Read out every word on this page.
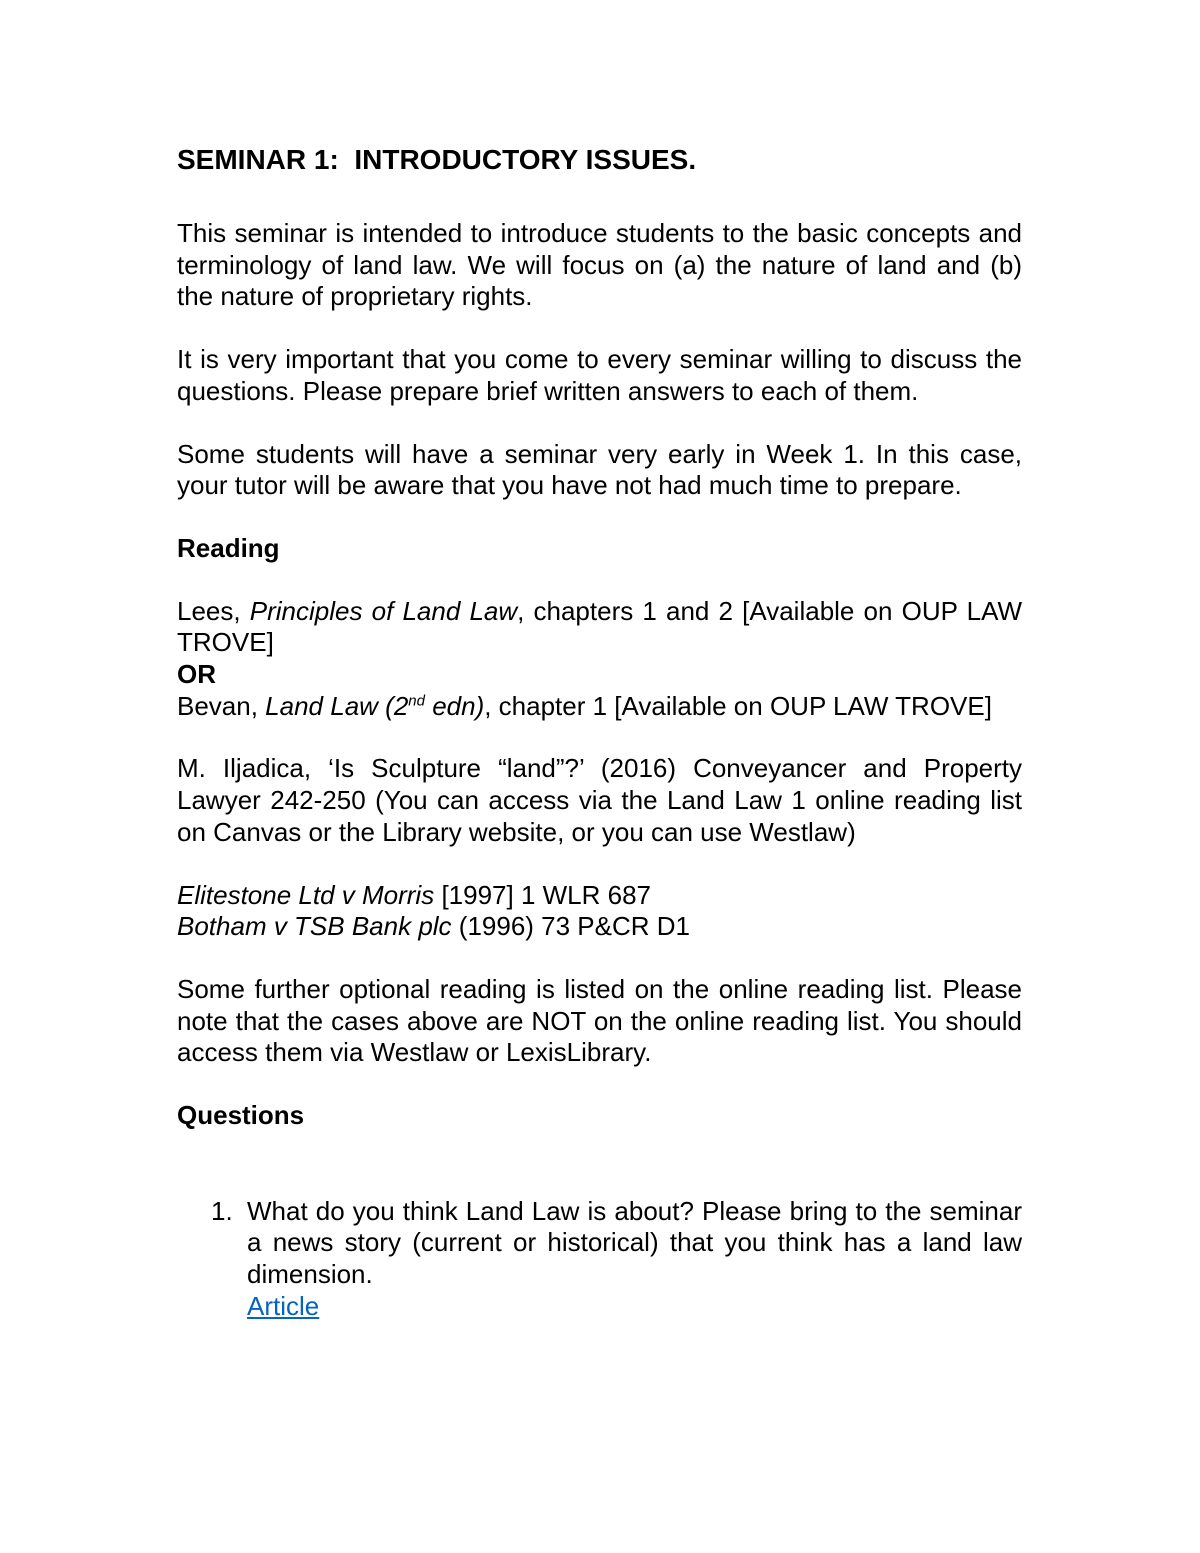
SEMINAR 1:  INTRODUCTORY ISSUES.

This seminar is intended to introduce students to the basic concepts and terminology of land law. We will focus on (a) the nature of land and (b) the nature of proprietary rights.

It is very important that you come to every seminar willing to discuss the questions. Please prepare brief written answers to each of them.

Some students will have a seminar very early in Week 1. In this case, your tutor will be aware that you have not had much time to prepare.

Reading

Lees, Principles of Land Law, chapters 1 and 2 [Available on OUP LAW TROVE]

OR

Bevan, Land Law (2nd edn), chapter 1 [Available on OUP LAW TROVE]

M. Iljadica, ‘Is Sculpture “land”?’ (2016) Conveyancer and Property Lawyer 242-250 (You can access via the Land Law 1 online reading list on Canvas or the Library website, or you can use Westlaw)

Elitestone Ltd v Morris [1997] 1 WLR 687
Botham v TSB Bank plc (1996) 73 P&CR D1

Some further optional reading is listed on the online reading list. Please note that the cases above are NOT on the online reading list. You should access them via Westlaw or LexisLibrary.

Questions
1. What do you think Land Law is about? Please bring to the seminar a news story (current or historical) that you think has a land law dimension.
Article
